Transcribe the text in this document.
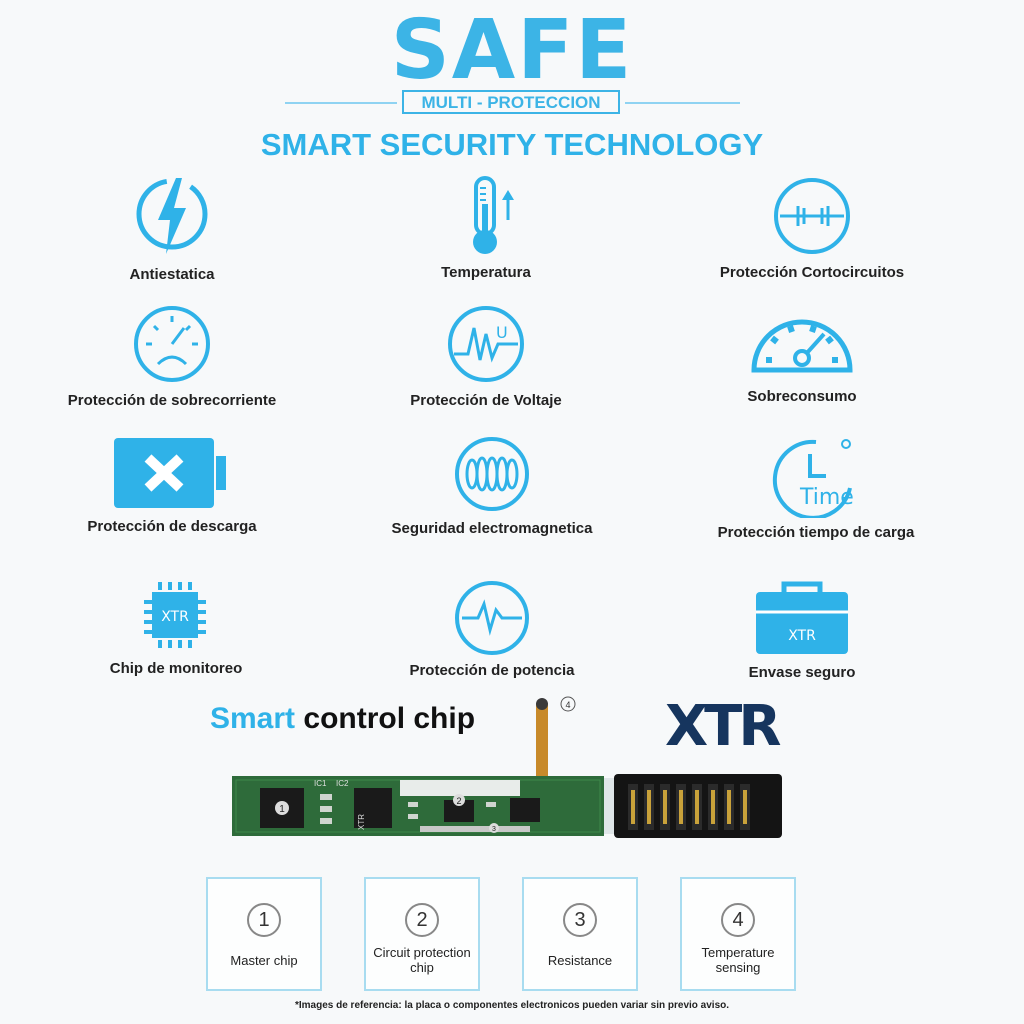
SAFE
MULTI - PROTECCION
SMART SECURITY TECHNOLOGY
Antiestatica	Temperatura	Protección Cortocircuitos
Protección de sobrecorriente
U
Protección de Voltaje	Sobreconsumo
Protección de descarga	Seguridad electromagnetica
Time
Protección tiempo de carga
XTR
Chip de monitoreo	Protección de potencia
XTR
Envase seguro
Smart control chip	XTR
4
1
XTR
2
3
IC1 IC2
1
Master chip
2
Circuit protection chip
3
Resistance
4
Temperature sensing
*Images de referencia: la placa o componentes electronicos pueden variar sin previo aviso.
